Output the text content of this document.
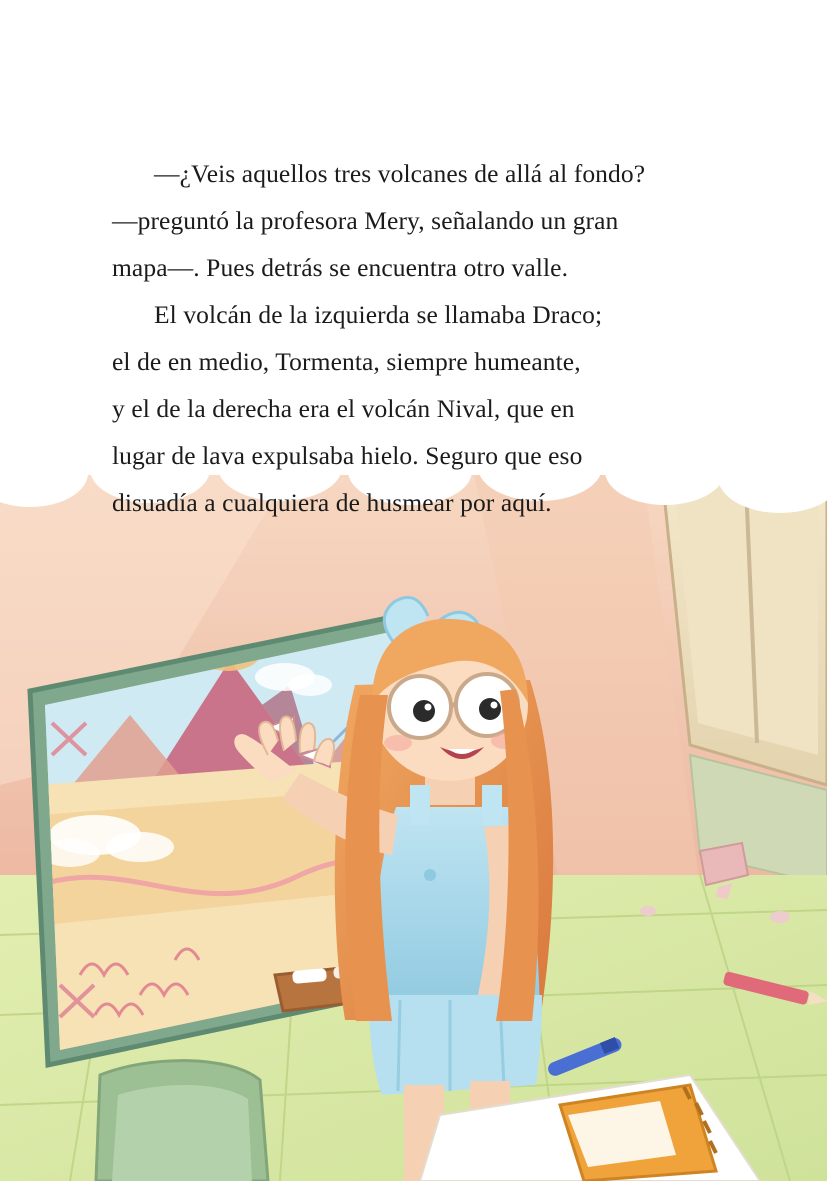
—¿Veis aquellos tres volcanes de allá al fondo?
—preguntó la profesora Mery, señalando un gran
mapa—. Pues detrás se encuentra otro valle.

El volcán de la izquierda se llamaba Draco;
el de en medio, Tormenta, siempre humeante,
y el de la derecha era el volcán Nival, que en
lugar de lava expulsaba hielo. Seguro que eso
disuadía a cualquiera de husmear por aquí.
